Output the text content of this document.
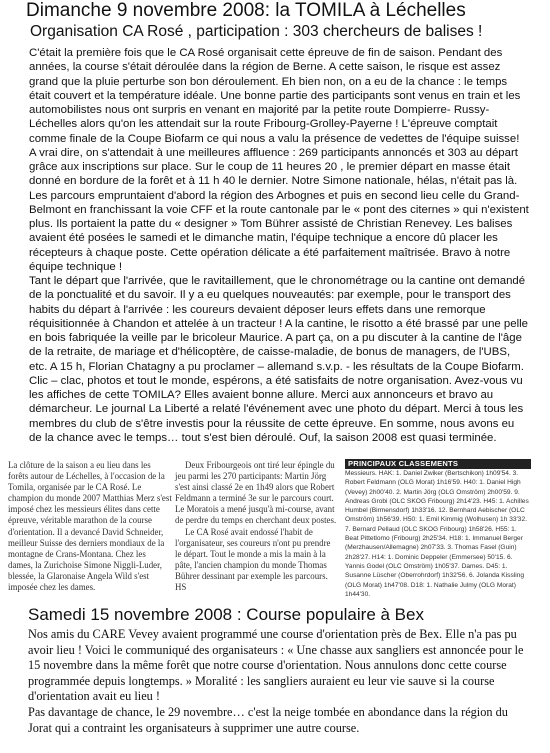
Dimanche 9 novembre 2008: la TOMILA à Léchelles
Organisation CA Rosé , participation : 303 chercheurs de balises !

C'était la première fois que le CA Rosé organisait cette épreuve de fin de saison. Pendant des années, la course s'était déroulée dans la région de Berne. A cette saison, le risque est assez grand que la pluie perturbe son bon déroulement. Eh bien non, on a eu de la chance : le temps était couvert et la température idéale. Une bonne partie des participants sont venus en train et les automobilistes nous ont surpris en venant en majorité par la petite route Dompierre- Russy- Léchelles alors qu'on les attendait sur la route Fribourg-Grolley-Payerne ! L'épreuve comptait comme finale de la Coupe Biofarm ce qui nous a valu la présence de vedettes de l'équipe suisse!

A vrai dire, on s'attendait à une meilleures affluence : 269 participants annoncés et 303 au départ grâce aux inscriptions sur place. Sur le coup de 11 heures 20 , le premier départ en masse était donné en bordure de la forêt et à 11 h 40 le dernier. Notre Simone nationale, hélas, n'était pas là. Les parcours empruntaient d'abord la région des Arbognes et puis en second lieu celle du Grand-Belmont en franchissant la voie CFF et la route cantonale par le « pont des citernes » qui n'existent plus. Ils portaient la patte du « designer » Tom Bührer assisté de Christian Renevey. Les balises avaient été posées le samedi et le dimanche matin, l'équipe technique a encore dû placer les récepteurs à chaque poste. Cette opération délicate a été parfaitement maîtrisée. Bravo à notre équipe technique !

Tant le départ que l'arrivée, que le ravitaillement, que le chronométrage ou la cantine ont demandé de la ponctualité et du savoir. Il y a eu quelques nouveautés: par exemple, pour le transport des habits du départ à l'arrivée : les coureurs devaient déposer leurs effets dans une remorque réquisitionnée à Chandon et attelée à un tracteur ! A la cantine, le risotto a été brassé par une pelle en bois fabriquée la veille par le bricoleur Maurice. A part ça, on a pu discuter à la cantine de l'âge de la retraite, de mariage et d'hélicoptère, de caisse-maladie, de bonus de managers, de l'UBS, etc. A 15 h, Florian Chatagny a pu proclamer – allemand s.v.p. - les résultats de la Coupe Biofarm. Clic – clac, photos et tout le monde, espérons, a été satisfaits de notre organisation. Avez-vous vu les affiches de cette TOMILA? Elles avaient bonne allure. Merci aux annonceurs et bravo au démarcheur. Le journal La Liberté a relaté l'événement avec une photo du départ. Merci à tous les membres du club de s'être investis pour la réussite de cette épreuve. En somme, nous avons eu de la chance avec le temps… tout s'est bien déroulé. Ouf, la saison 2008 est quasi terminée.

La clôture de la saison a eu lieu dans les forêts autour de Léchelles, à l'occasion de la Tomila, organisée par le CA Rosé. Le champion du monde 2007 Matthias Merz s'est imposé chez les messieurs élites dans cette épreuve, véritable marathon de la course d'orientation. Il a devancé David Schneider, meilleur Suisse des derniers mondiaux de la montagne de Crans-Montana. Chez les dames, la Zurichoise Simone Niggli-Luder, blessée, la Glaronaise Angela Wild s'est imposée chez les dames.

Deux Fribourgeois ont tiré leur épingle du jeu parmi les 270 participants: Martin Jörg s'est ainsi classé 2e en 1h49 alors que Robert Feldmann a terminé 3e sur le parcours court. Le Moratois a mené jusqu'à mi-course, avant de perdre du temps en cherchant deux postes.

Le CA Rosé avait endossé l'habit de l'organisateur, ses coureurs n'ont pu prendre le départ. Tout le monde a mis la main à la pâte, l'ancien champion du monde Thomas Bührer dessinant par exemple les parcours. HS

PRINCIPAUX CLASSEMENTS

Messieurs. HAK: 1. Daniel Zwiker (Bertschikon) 1h09'54. 3. Robert Feldmann (OLG Morat) 1h16'59. H40: 1. Daniel High (Vevey) 2h00'40. 2. Martin Jörg (OLG Omström) 2h00'59. 9. Andreas Grobi (OLC SKOG Fribourg) 2h14'23. H45: 1. Achilles Humbel (Birmensdorf) 1h33'16. 12. Bernhard Aebischer (OLC Omström) 1h56'39. H50: 1. Emil Kimmig (Wolhusen) 1h 33'32. 7. Bernard Pellaud (OLC SKOG Fribourg) 1h58'26. H55: 1. Beat Pittetlomo (Fribourg) 2h25'34. H18: 1. Immanuel Berger (Merzhausen/Allemagne) 2h07'33. 3. Thomas Fasel (Guin) 2h28'27. H14: 1. Dominic Deppeler (Emmersee) 50'15. 6. Yannis Godel (OLC Omström) 1h05'37. Dames. D45: 1. Susanne Lüscher (Oberrohrdorf) 1h32'56. 6. Jolanda Kissling (OLG Morat) 1h47'08. D18: 1. Nathalie Julmy (OLG Morat) 1h44'30.

Samedi 15 novembre 2008 : Course populaire à Bex

Nos amis du CARE Vevey avaient programmé une course d'orientation près de Bex. Elle n'a pas pu avoir lieu ! Voici le communiqué des organisateurs : « Une chasse aux sangliers est annoncée pour le 15 novembre dans la même forêt que notre course d'orientation. Nous annulons donc cette course programmée depuis longtemps. » Moralité : les sangliers auraient eu leur vie sauve si la course d'orientation avait eu lieu !

Pas davantage de chance, le 29 novembre… c'est la neige tombée en abondance dans la région du Jorat qui a contraint les organisateurs à supprimer une autre course.
